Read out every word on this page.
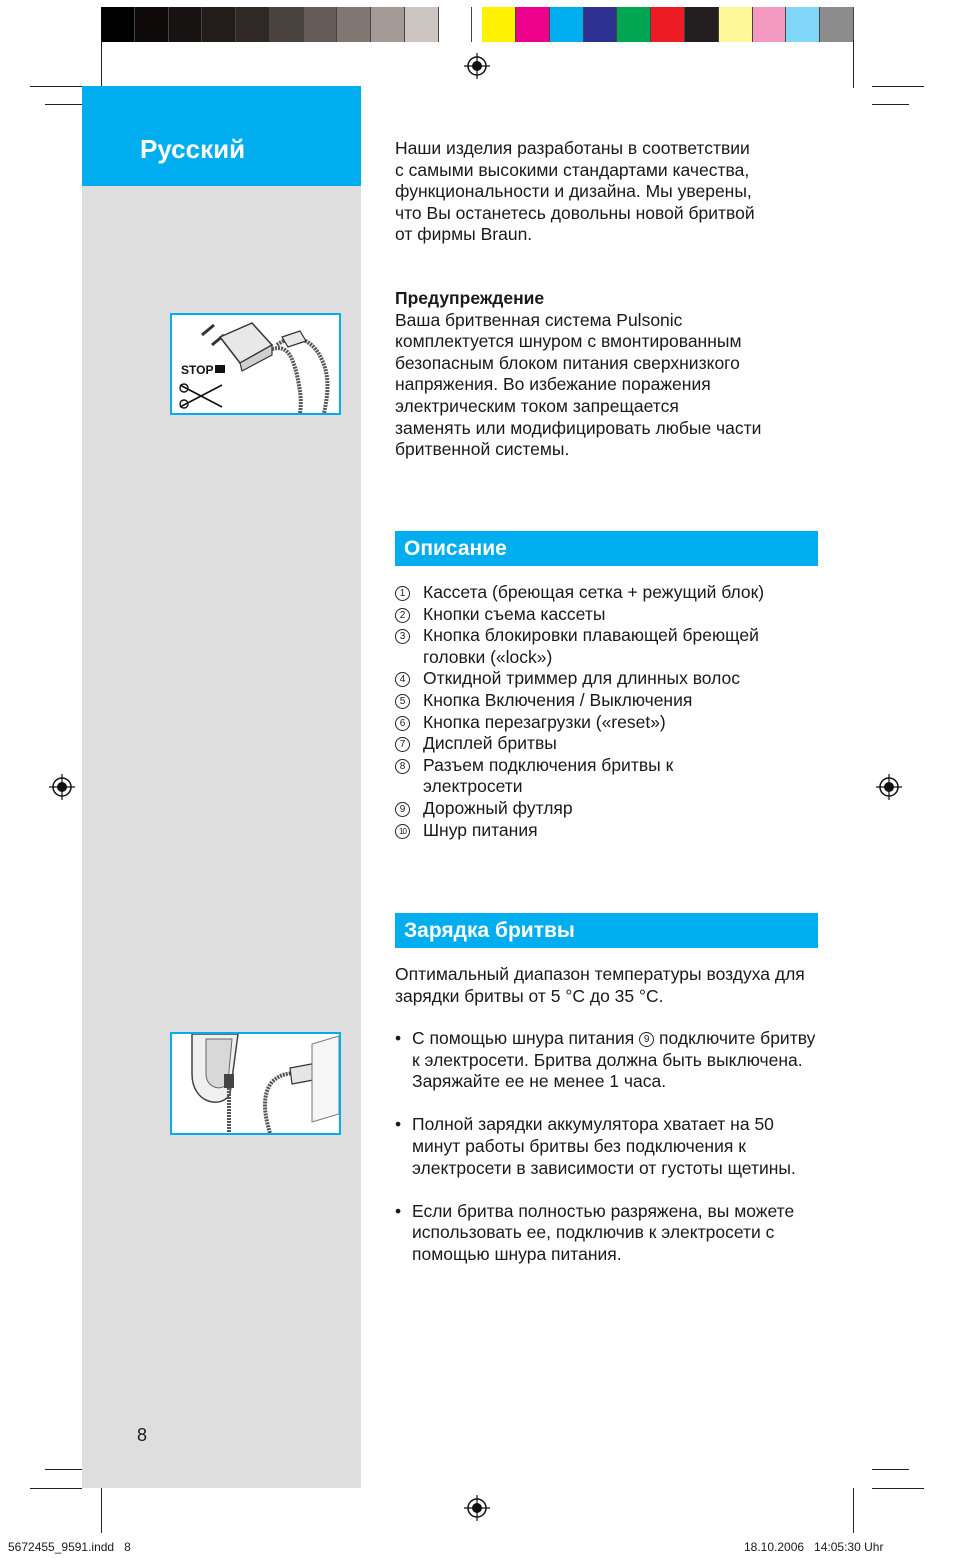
Русский
STOP

Наши изделия разработаны в соответствии
с самыми высокими стандартами качества,
функциональности и дизайна. Мы уверены,
что Вы останетесь довольны новой бритвой
от фирмы Braun.

Предупреждение
Ваша бритвенная система Pulsonic
комплектуется шнуром с вмонтированным
безопасным блоком питания сверхнизкого
напряжения. Во избежание поражения
электрическим током запрещается
заменять или модифицировать любые части
бритвенной системы.

Описание
1 Кассета (бреющая сетка + режущий блок)
2 Кнопки съема кассеты
3 Кнопка блокировки плавающей бреющей головки («lock»)
4 Откидной триммер для длинных волос
5 Кнопка Включения / Выключения
6 Кнопка перезагрузки («reset»)
7 Дисплей бритвы
8 Разъем подключения бритвы к электросети
9 Дорожный футляр
10 Шнур питания
Зарядка бритвы

Оптимальный диапазон температуры воздуха для зарядки бритвы от 5 °C до 35 °C.

• С помощью шнура питания 9 подключите бритву к электросети. Бритва должна быть выключена. Заряжайте ее не менее 1 часа.
• Полной зарядки аккумулятора хватает на 50 минут работы бритвы без подключения к электросети в зависимости от густоты щетины.
• Если бритва полностью разряжена, вы можете использовать ее, подключив к электросети с помощью шнура питания.
8
5672455_9591.indd   8	18.10.2006   14:05:30 Uhr
